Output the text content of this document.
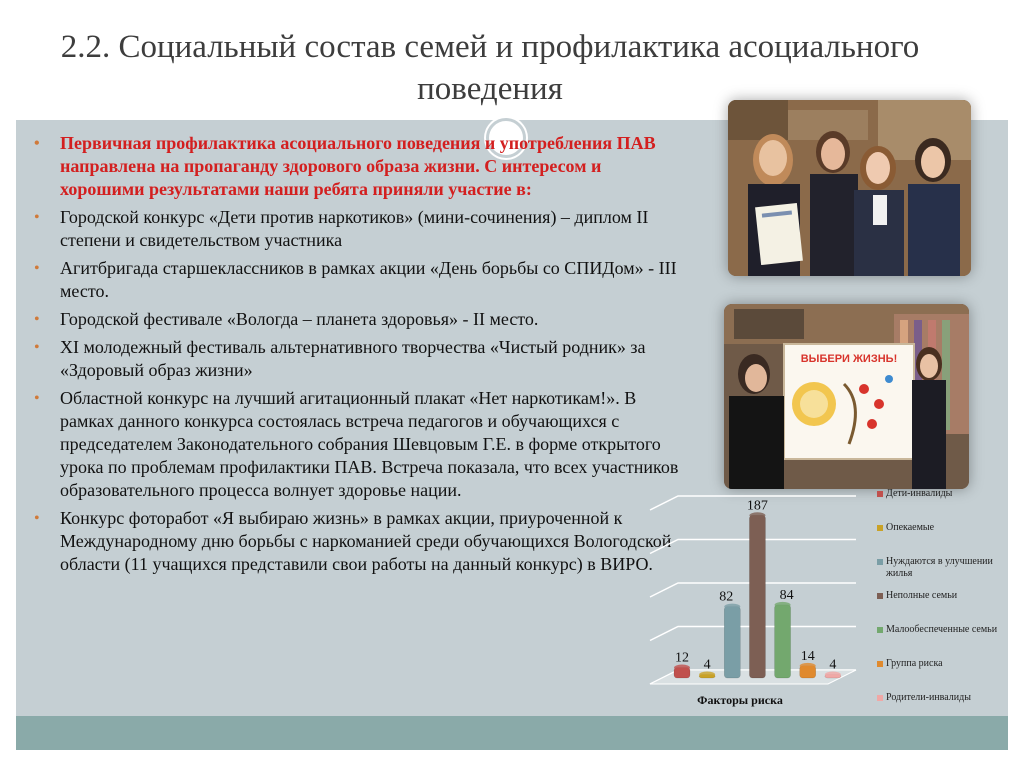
2.2. Социальный состав семей и профилактика асоциального поведения
• Первичная профилактика асоциального поведения и употребления ПАВ направлена на пропаганду здорового образа жизни. С интересом и хорошими результатами наши ребята приняли участие в:
• Городской конкурс «Дети против наркотиков» (мини-сочинения) – диплом II степени и свидетельством участника
• Агитбригада старшеклассников в рамках акции «День борьбы со СПИДом» - III место.
• Городской фестивале «Вологда – планета здоровья» - II место.
• XI молодежный фестиваль альтернативного творчества «Чистый родник» за «Здоровый образ жизни»
• Областной конкурс на лучший агитационный плакат «Нет наркотикам!». В рамках данного конкурса состоялась встреча педагогов и обучающихся с председателем Законодательного собрания Шевцовым Г.Е. в форме открытого урока по проблемам профилактики ПАВ. Встреча показала, что всех участников образовательного процесса волнует здоровье нации.
• Конкурс фоторабот «Я выбираю жизнь» в рамках акции, приуроченной к Международному дню борьбы с наркоманией среди обучающихся Вологодской области (11 учащихся представили свои работы на данный конкурс) в ВИРО.
ВЫБЕРИ ЖИЗНЬ!
12 4
82
187
84
14
4
Факторы риска
Дети-инвалиды
Опекаемые
Нуждаются в улучшении жилья
Неполные семьи
Малообеспеченные семьи
Группа риска
Родители-инвалиды
